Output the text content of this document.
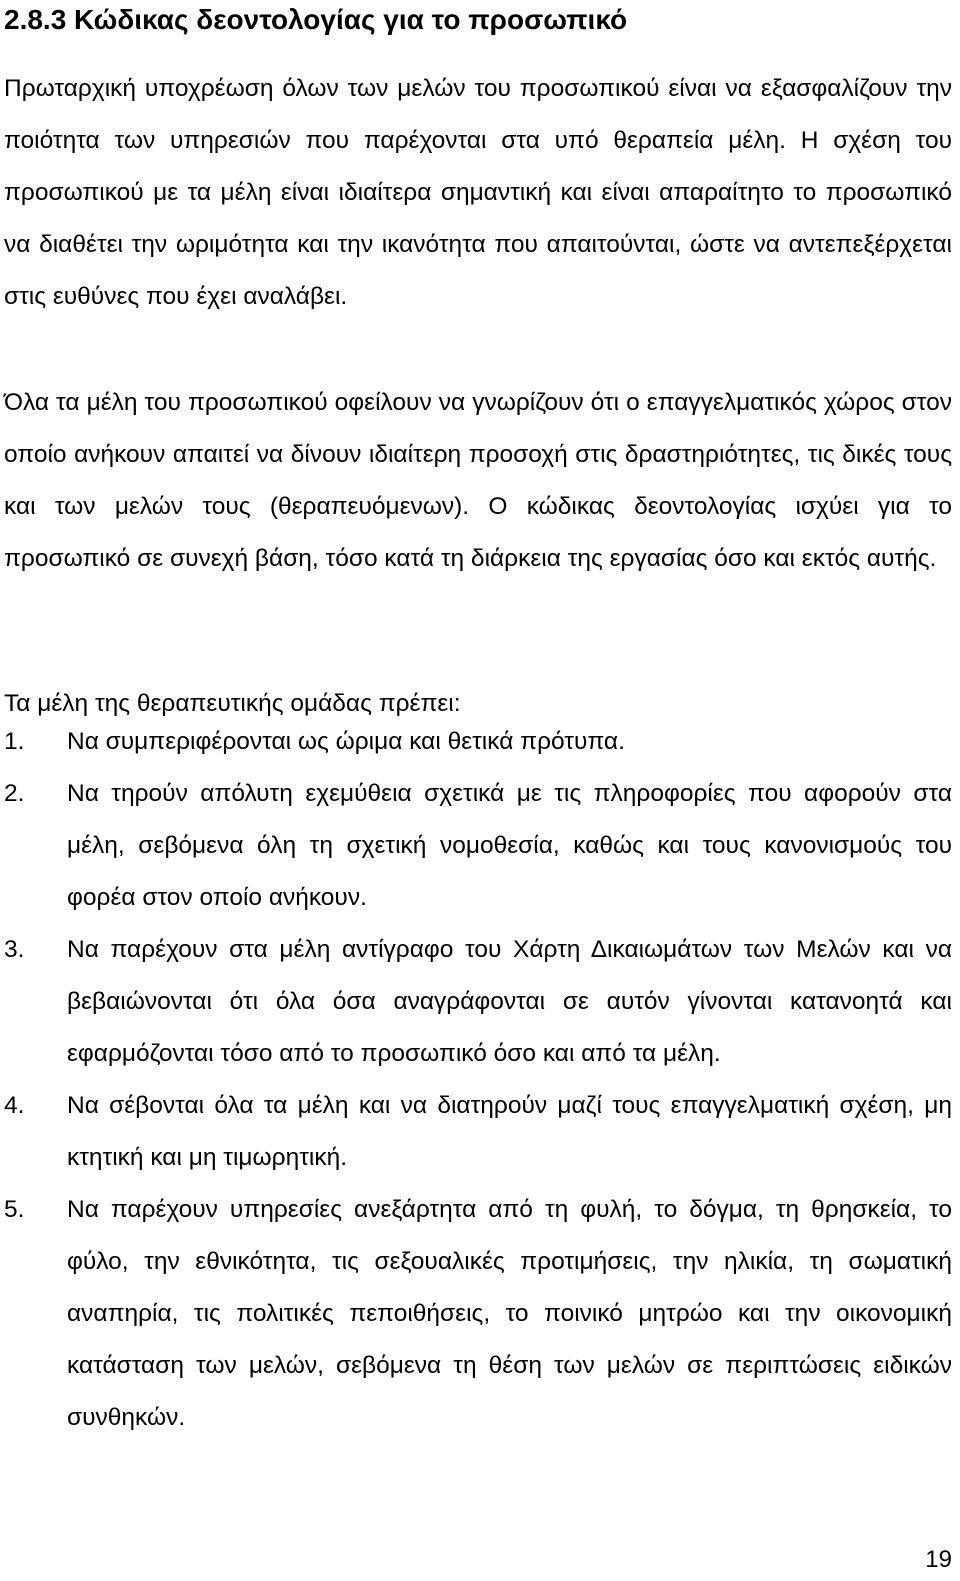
2.8.3 Κώδικας δεοντολογίας για το προσωπικό

Πρωταρχική υποχρέωση όλων των μελών του προσωπικού είναι να εξασφαλίζουν την ποιότητα των υπηρεσιών που παρέχονται στα υπό θεραπεία μέλη. Η σχέση του προσωπικού με τα μέλη είναι ιδιαίτερα σημαντική και είναι απαραίτητο το προσωπικό να διαθέτει την ωριμότητα και την ικανότητα που απαιτούνται, ώστε να αντεπεξέρχεται στις ευθύνες που έχει αναλάβει.

Όλα τα μέλη του προσωπικού οφείλουν να γνωρίζουν ότι ο επαγγελματικός χώρος στον οποίο ανήκουν απαιτεί να δίνουν ιδιαίτερη προσοχή στις δραστηριότητες, τις δικές τους και των μελών τους (θεραπευόμενων). Ο κώδικας δεοντολογίας ισχύει για το προσωπικό σε συνεχή βάση, τόσο κατά τη διάρκεια της εργασίας όσο και εκτός αυτής.

Τα μέλη της θεραπευτικής ομάδας πρέπει:

1. Να συμπεριφέρονται ως ώριμα και θετικά πρότυπα.
2. Να τηρούν απόλυτη εχεμύθεια σχετικά με τις πληροφορίες που αφορούν στα μέλη, σεβόμενα όλη τη σχετική νομοθεσία, καθώς και τους κανονισμούς του φορέα στον οποίο ανήκουν.
3. Να παρέχουν στα μέλη αντίγραφο του Χάρτη Δικαιωμάτων των Μελών και να βεβαιώνονται ότι όλα όσα αναγράφονται σε αυτόν γίνονται κατανοητά και εφαρμόζονται τόσο από το προσωπικό όσο και από τα μέλη.
4. Να σέβονται όλα τα μέλη και να διατηρούν μαζί τους επαγγελματική σχέση, μη κτητική και μη τιμωρητική.
5. Να παρέχουν υπηρεσίες ανεξάρτητα από τη φυλή, το δόγμα, τη θρησκεία, το φύλο, την εθνικότητα, τις σεξουαλικές προτιμήσεις, την ηλικία, τη σωματική αναπηρία, τις πολιτικές πεποιθήσεις, το ποινικό μητρώο και την οικονομική κατάσταση των μελών, σεβόμενα τη θέση των μελών σε περιπτώσεις ειδικών συνθηκών.
19
